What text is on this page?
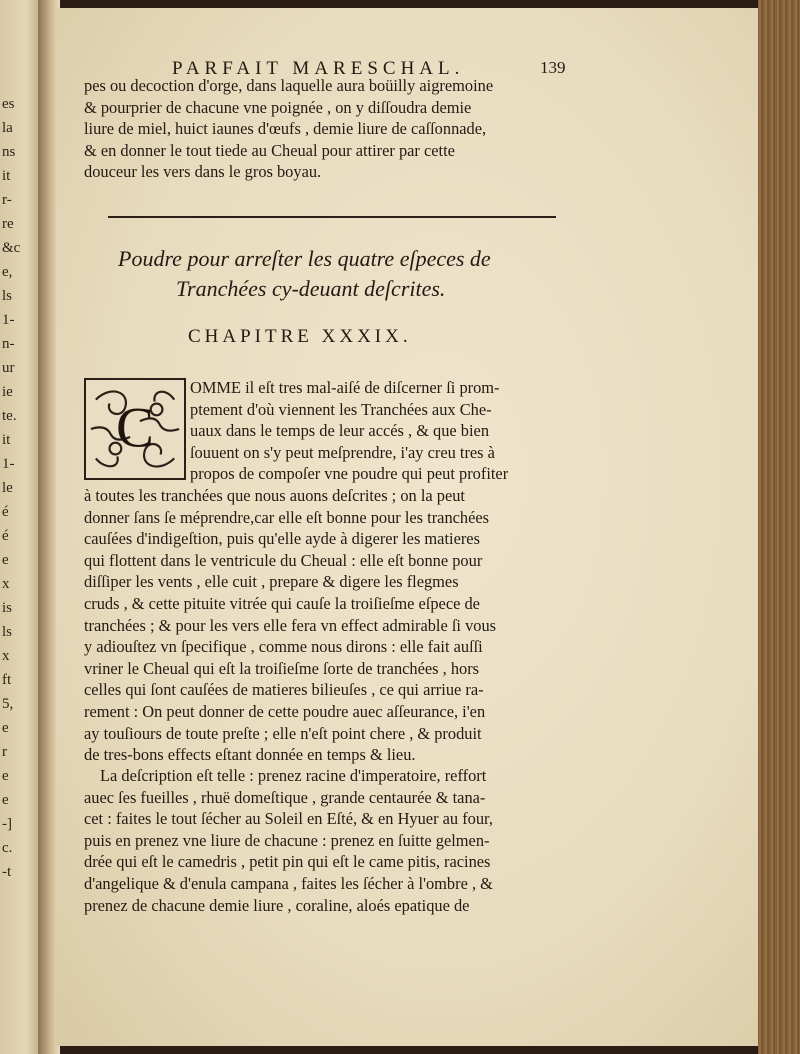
es
la
ns
it
r-
re
&c
e,
ls
1-
n-
ur
ie
te.
it
1-
le
é
é
e
x
is
ls
x
ft
5,
e
r
e
e
-]
c.
-t
PARFAIT MARESCHAL.	139
pes ou decoction d'orge, dans laquelle aura boüilly aigremoine
& pourprier de chacune vne poignée , on y diſſoudra demie
liure de miel, huict iaunes d'œufs , demie liure de caſſonnade,
& en donner le tout tiede au Cheual pour attirer par cette
douceur les vers dans le gros boyau.
Poudre pour arreſter les quatre eſpeces de
Tranchées cy-deuant deſcrites.
CHAPITRE XXXIX.
C
OMME il eſt tres mal-aiſé de diſcerner ſi prom-
ptement d'où viennent les Tranchées aux Che-
uaux dans le temps de leur accés , & que bien
ſouuent on s'y peut meſprendre, i'ay creu tres à
propos de compoſer vne poudre qui peut profiter
à toutes les tranchées que nous auons deſcrites ; on la peut
donner ſans ſe méprendre,car elle eſt bonne pour les tranchées
cauſées d'indigeſtion, puis qu'elle ayde à digerer les matieres
qui flottent dans le ventricule du Cheual : elle eſt bonne pour
diſſiper les vents , elle cuit , prepare & digere les flegmes
cruds , & cette pituite vitrée qui cauſe la troiſieſme eſpece de
tranchées ; & pour les vers elle fera vn effect admirable ſi vous
y adiouſtez vn ſpecifique , comme nous dirons : elle fait auſſi
vriner le Cheual qui eſt la troiſieſme ſorte de tranchées , hors
celles qui ſont cauſées de matieres bilieuſes , ce qui arriue ra-
rement : On peut donner de cette poudre auec aſſeurance, i'en
ay touſiours de toute preſte ; elle n'eſt point chere , & produit
de tres-bons effects eſtant donnée en temps & lieu.
La deſcription eſt telle : prenez racine d'imperatoire, reffort
auec ſes fueilles , rhuë domeſtique , grande centaurée & tana-
cet : faites le tout ſécher au Soleil en Eſté, & en Hyuer au four,
puis en prenez vne liure de chacune : prenez en ſuitte gelmen-
drée qui eſt le camedris , petit pin qui eſt le came pitis, racines
d'angelique & d'enula campana , faites les ſécher à l'ombre , &
prenez de chacune demie liure , coraline, aloés epatique de
